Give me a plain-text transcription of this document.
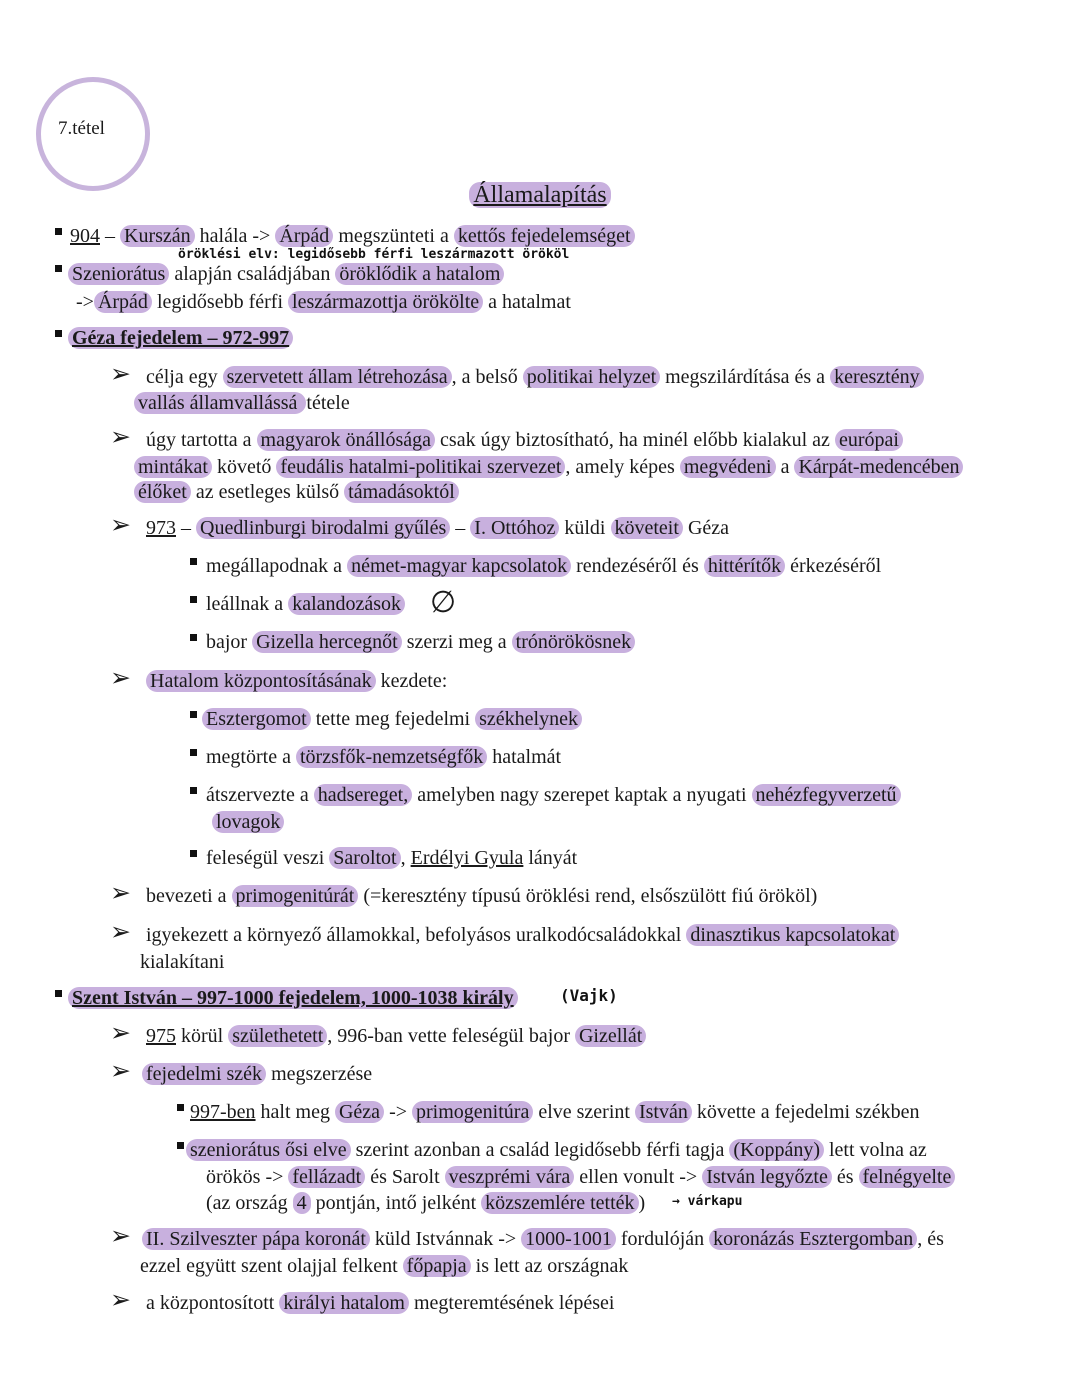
7.tétel
Államalapítás
904 – Kurszán halála -> Árpád megszünteti a kettős fejedelemséget
öröklési elv: legidősebb férfi leszármazott örököl
Szeniorátus alapján családjában öröklődik a hatalom
-> Árpád legidősebb férfi leszármazottja örökölte a hatalmat
Géza fejedelem – 972-997
➢ célja egy szervetett állam létrehozása , a belső politikai helyzet megszilárdítása és a keresztény
vallás államvallássá tétele
➢ úgy tartotta a magyarok önállósága csak úgy biztosítható, ha minél előbb kialakul az európai
mintákat követő feudális hatalmi-politikai szervezet , amely képes megvédeni a Kárpát-medencében
élőket az esetleges külső támadásoktól
➢ 973 – Quedlinburgi birodalmi gyűlés – I. Ottóhoz küldi követeit Géza
megállapodnak a német-magyar kapcsolatok rendezéséről és hittérítők érkezéséről
leállnak a kalandozások ∅
bajor Gizella hercegnőt szerzi meg a trónörökösnek
➢ Hatalom központosításának kezdete:
Esztergomot tette meg fejedelmi székhelynek
megtörte a törzsfők-nemzetségfők hatalmát
átszervezte a hadsereget, amelyben nagy szerepet kaptak a nyugati nehézfegyverzetű
lovagok
feleségül veszi Saroltot , Erdélyi Gyula lányát
➢ bevezeti a primogenitúrát (=keresztény típusú öröklési rend, elsőszülött fiú örököl)
➢ igyekezett a környező államokkal, befolyásos uralkodócsaládokkal dinasztikus kapcsolatokat
kialakítani
Szent István – 997-1000 fejedelem, 1000-1038 király	(Vajk)
➢ 975 körül születhetett , 996-ban vette feleségül bajor Gizellát
➢ fejedelmi szék megszerzése
997-ben halt meg Géza -> primogenitúra elve szerint István követte a fejedelmi székben
szeniorátus ősi elve szerint azonban a család legidősebb férfi tagja (Koppány) lett volna az
örökös -> fellázadt és Sarolt veszprémi vára ellen vonult -> István legyőzte és felnégyelte
(az ország 4 pontján, intő jelként közszemlére tették ) → várkapu
➢ II. Szilveszter pápa koronát küld Istvánnak -> 1000-1001 fordulóján koronázás Esztergomban , és
ezzel együtt szent olajjal felkent főpapja is lett az országnak
➢ a központosított királyi hatalom megteremtésének lépései
